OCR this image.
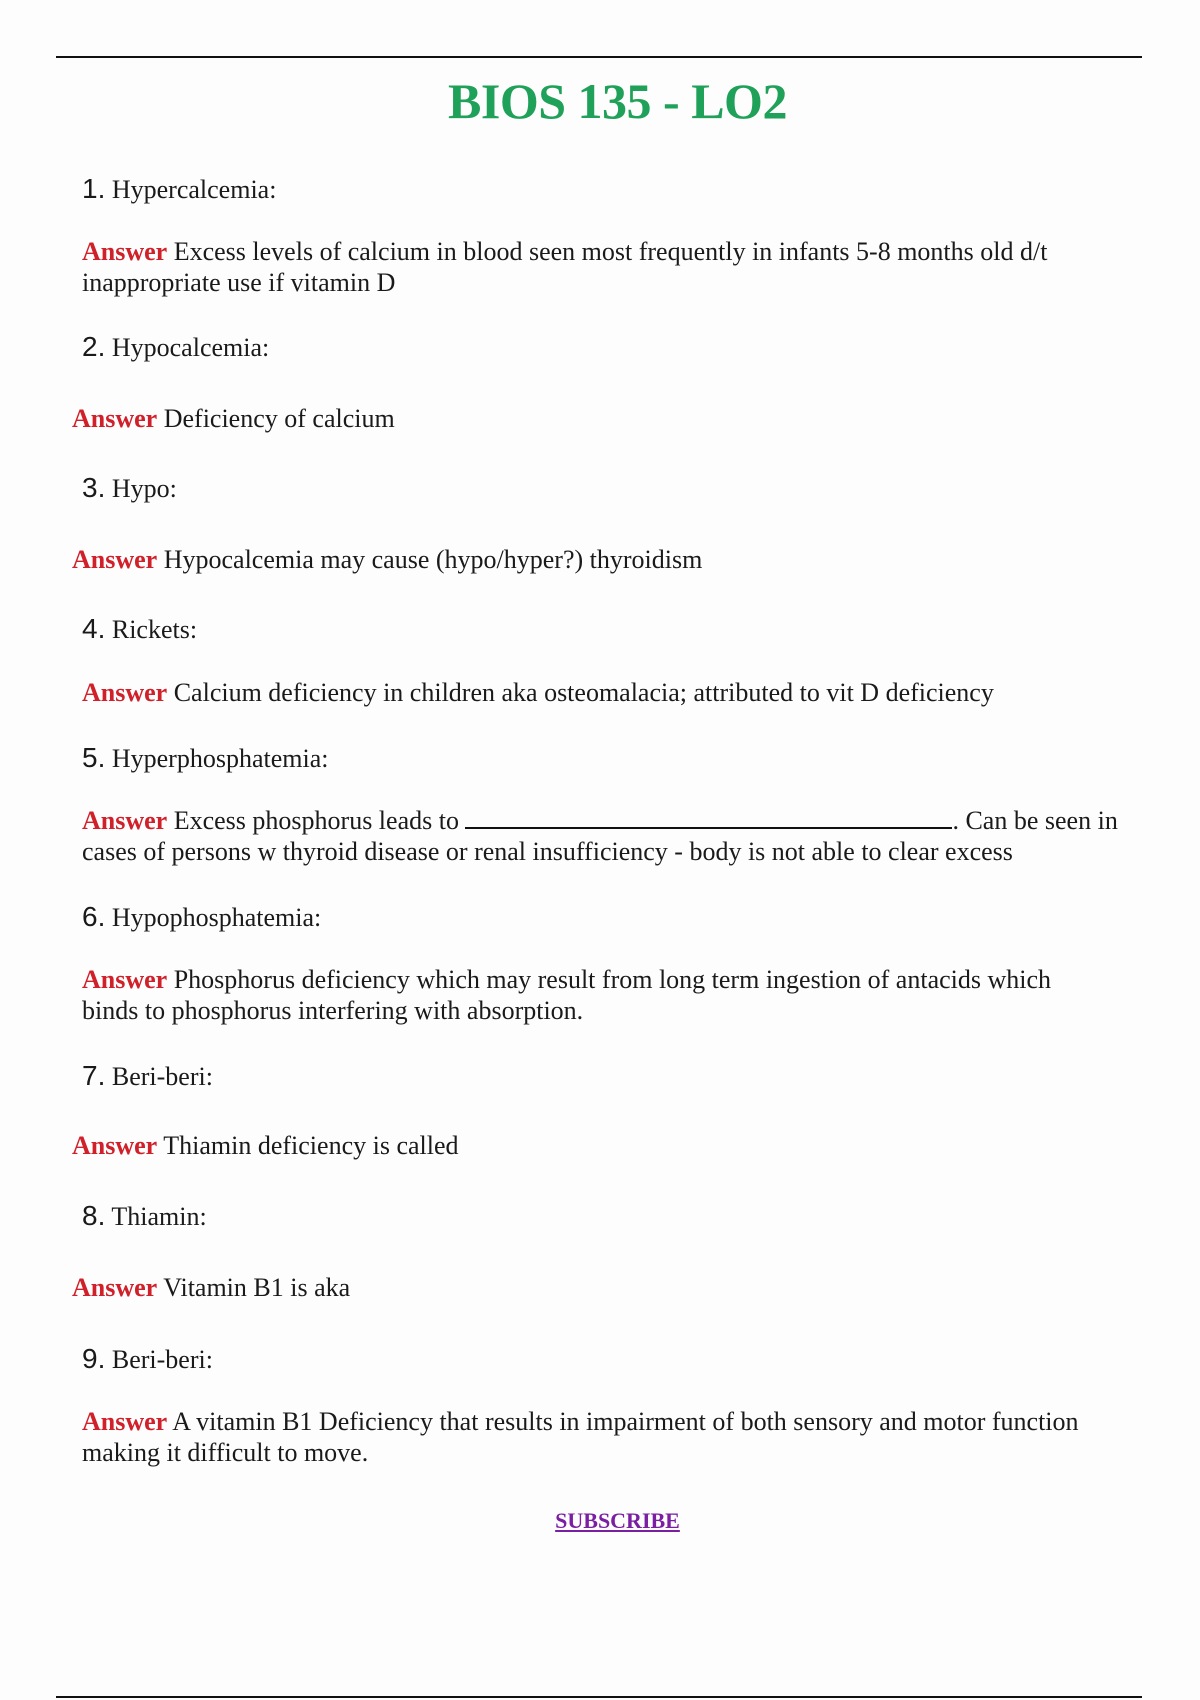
BIOS 135 - LO2
1. Hypercalcemia:
Answer Excess levels of calcium in blood seen most frequently in infants 5-8 months old d/t inappropriate use if vitamin D
2. Hypocalcemia:
Answer Deficiency of calcium
3. Hypo:
Answer Hypocalcemia may cause (hypo/hyper?) thyroidism
4. Rickets:
Answer Calcium deficiency in children aka osteomalacia; attributed to vit D deficiency
5. Hyperphosphatemia:
Answer Excess phosphorus leads to	. Can be seen in cases of persons w thyroid disease or renal insufficiency - body is not able to clear excess
6. Hypophosphatemia:
Answer Phosphorus deficiency which may result from long term ingestion of antacids which binds to phosphorus interfering with absorption.
7. Beri-beri:
Answer Thiamin deficiency is called
8. Thiamin:
Answer Vitamin B1 is aka
9. Beri-beri:
Answer A vitamin B1 Deficiency that results in impairment of both sensory and motor function making it difficult to move.
SUBSCRIBE
